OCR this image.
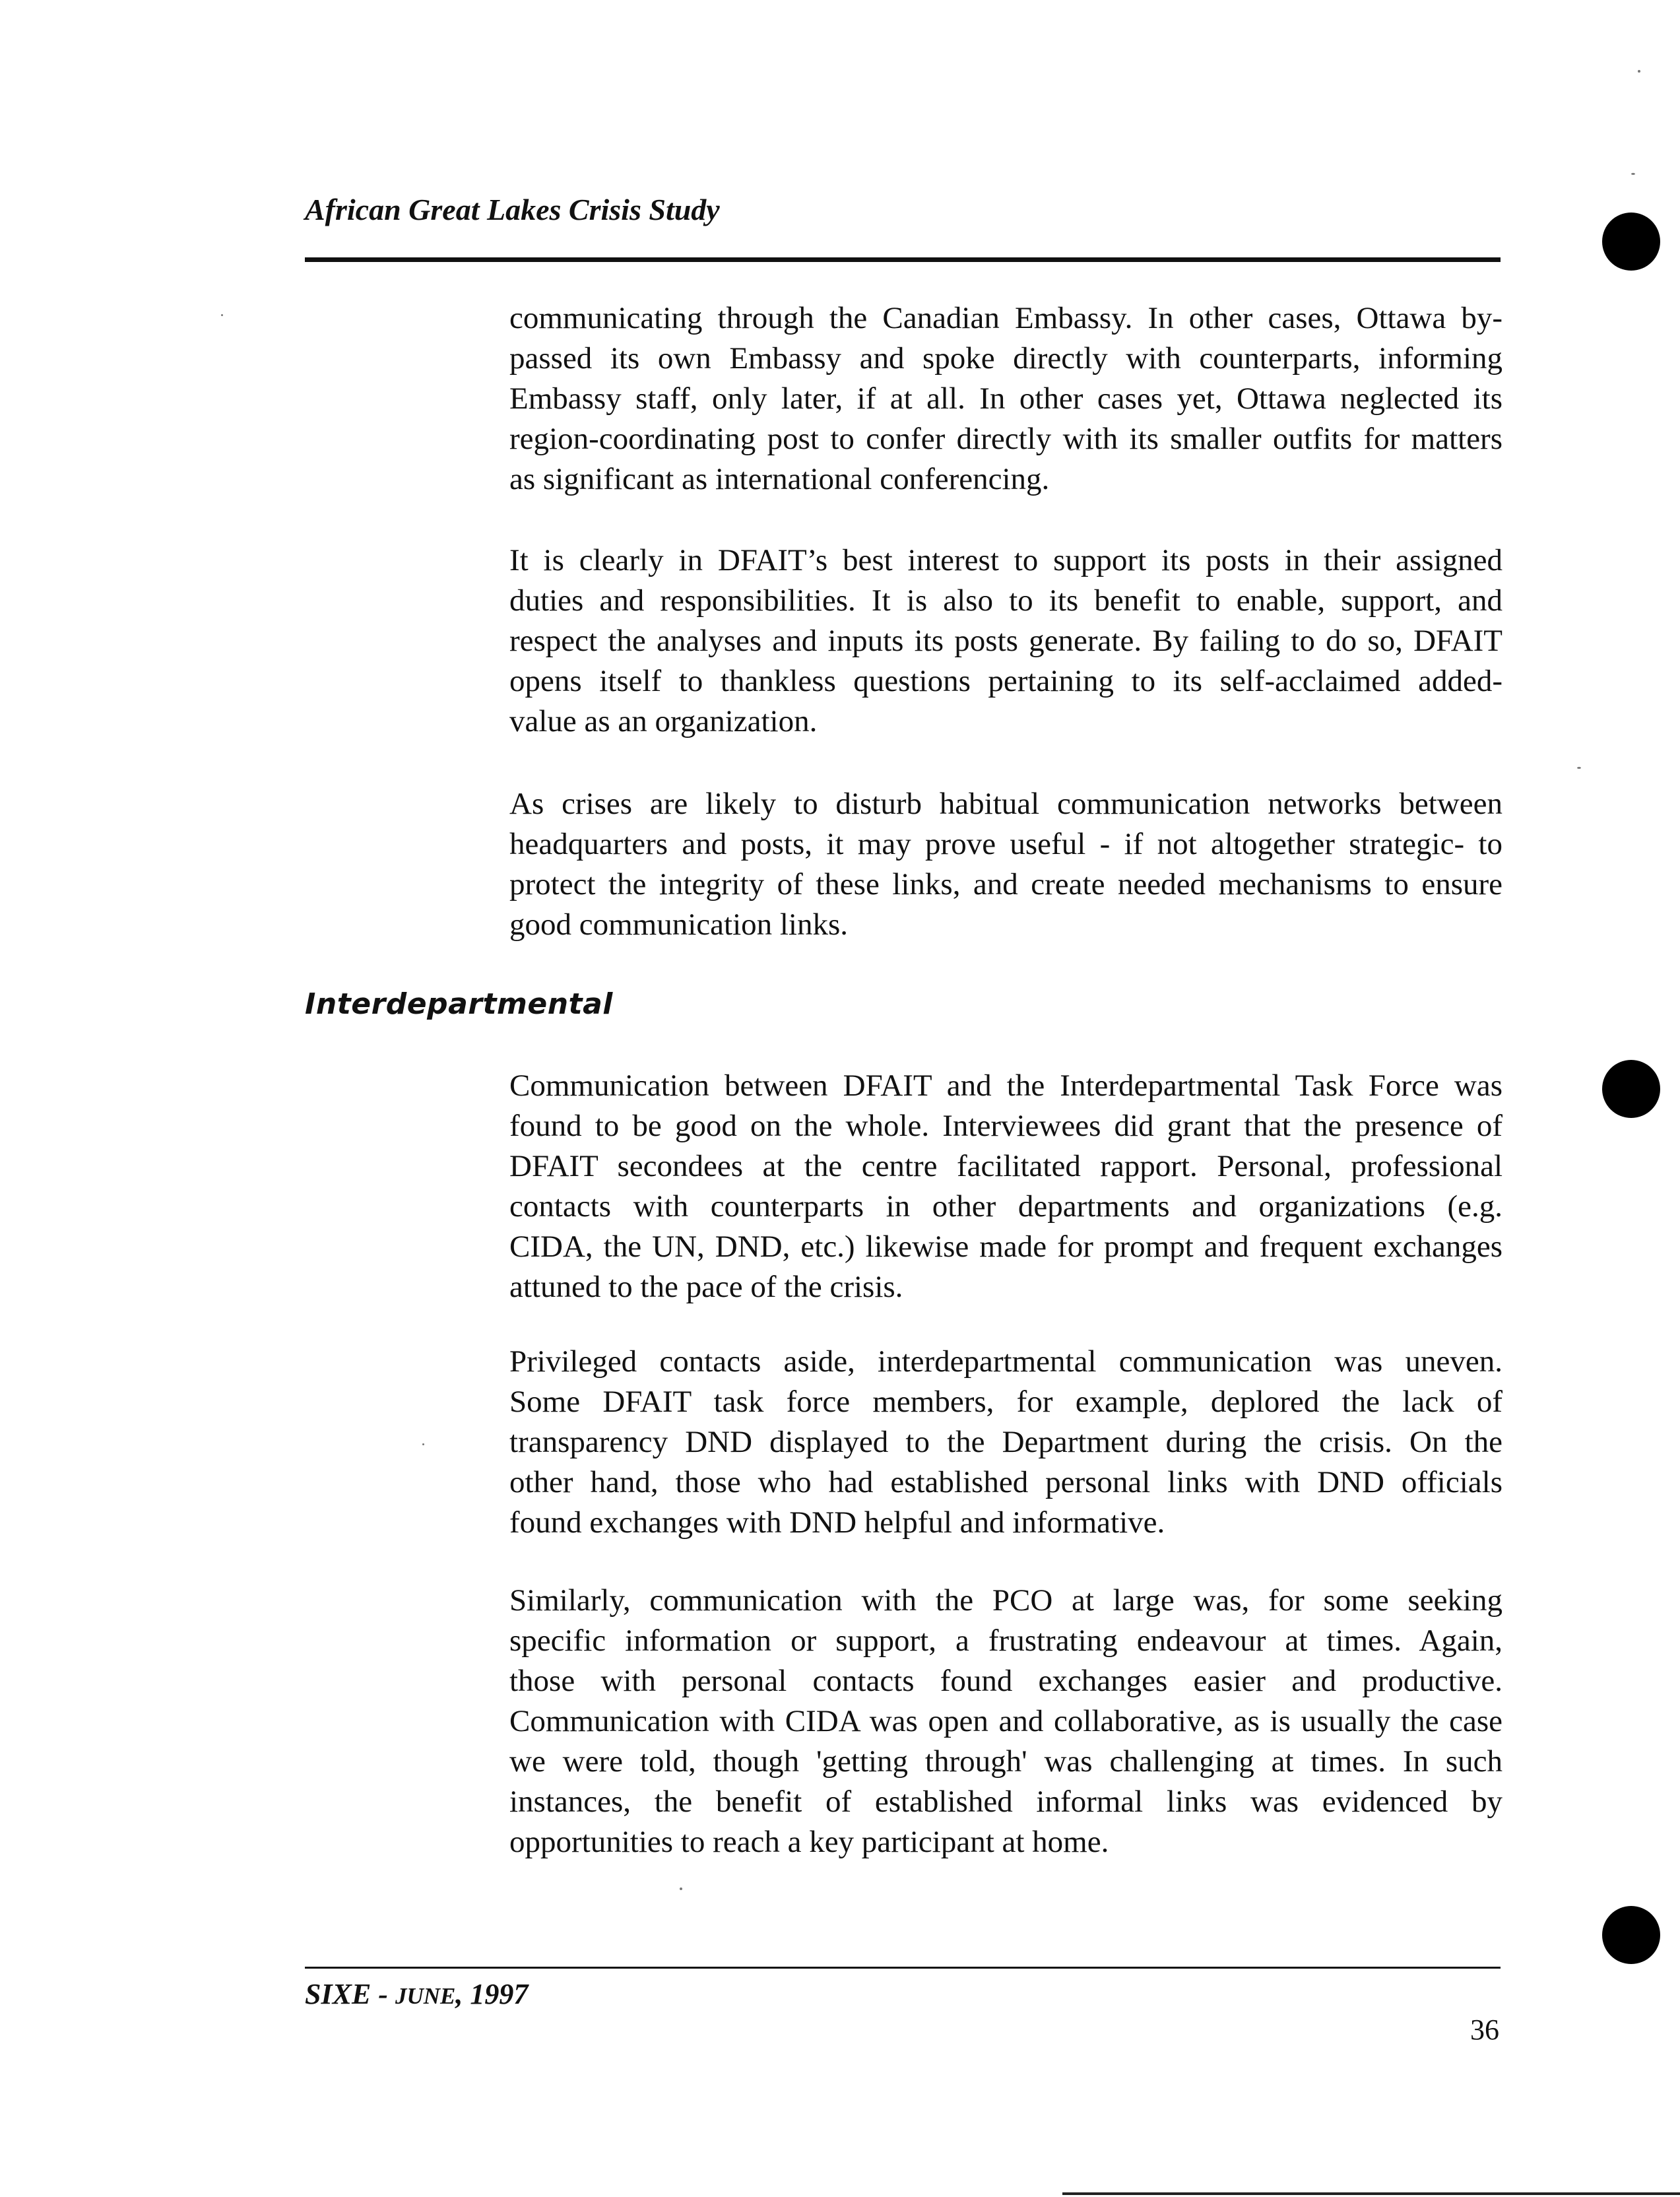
African Great Lakes Crisis Study
communicating through the Canadian Embassy. In other cases, Ottawa by-
passed its own Embassy and spoke directly with counterparts, informing
Embassy staff, only later, if at all. In other cases yet, Ottawa neglected its
region-coordinating post to confer directly with its smaller outfits for matters
as significant as international conferencing.
It is clearly in DFAIT’s best interest to support its posts in their assigned
duties and responsibilities. It is also to its benefit to enable, support, and
respect the analyses and inputs its posts generate. By failing to do so, DFAIT
opens itself to thankless questions pertaining to its self-acclaimed added-
value as an organization.
As crises are likely to disturb habitual communication networks between
headquarters and posts, it may prove useful - if not altogether strategic- to
protect the integrity of these links, and create needed mechanisms to ensure
good communication links.
Interdepartmental
Communication between DFAIT and the Interdepartmental Task Force was
found to be good on the whole. Interviewees did grant that the presence of
DFAIT secondees at the centre facilitated rapport. Personal, professional
contacts with counterparts in other departments and organizations (e.g.
CIDA, the UN, DND, etc.) likewise made for prompt and frequent exchanges
attuned to the pace of the crisis.
Privileged contacts aside, interdepartmental communication was uneven.
Some DFAIT task force members, for example, deplored the lack of
transparency DND displayed to the Department during the crisis. On the
other hand, those who had established personal links with DND officials
found exchanges with DND helpful and informative.
Similarly, communication with the PCO at large was, for some seeking
specific information or support, a frustrating endeavour at times. Again,
those with personal contacts found exchanges easier and productive.
Communication with CIDA was open and collaborative, as is usually the case
we were told, though 'getting through' was challenging at times. In such
instances, the benefit of established informal links was evidenced by
opportunities to reach a key participant at home.
SIXE - JUNE, 1997
36
